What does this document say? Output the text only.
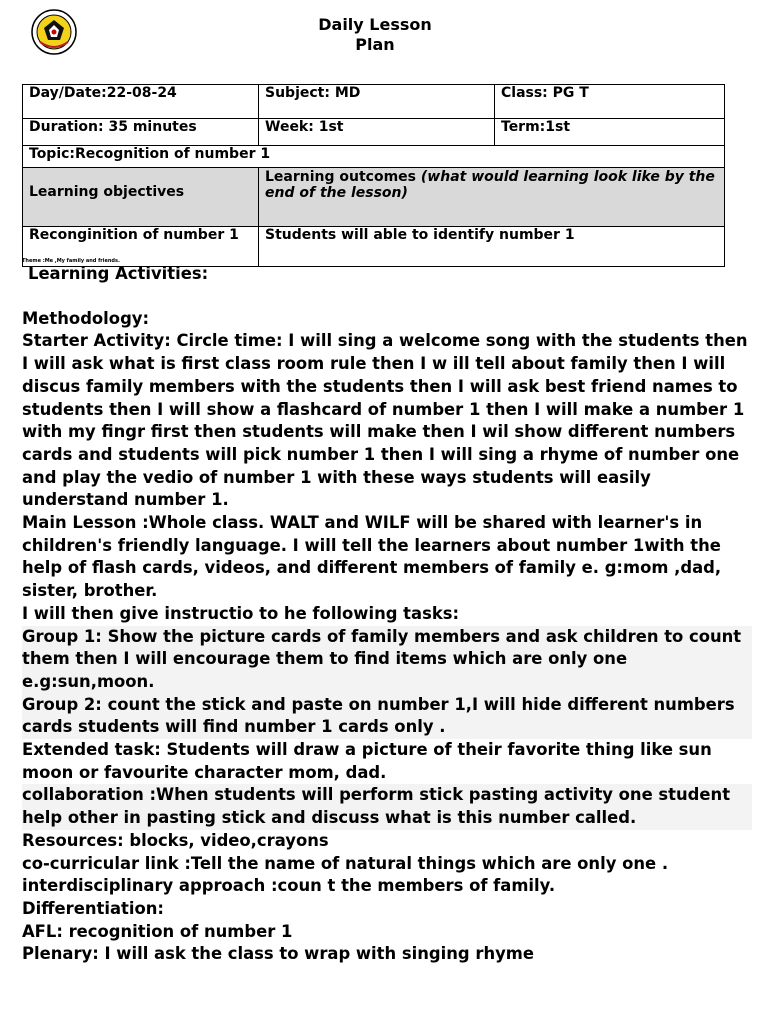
Daily Lesson
Plan
Day/Date:22-08-24	Subject: MD	Class: PG T
Duration: 35 minutes	Week: 1st	Term:1st
Topic:Recognition of number 1		
Learning objectives	Learning outcomes (what would learning look like by the end of the lesson)	
Reconginition of number 1	Students will able to identify number 1	
Theme :Me ,My family and friends.

Learning Activities:

Methodology:

Starter Activity: Circle time: I will sing a welcome song with the students then I will ask what is first class room rule then I w ill tell about family then I will discus family members with the students then I will ask best friend names to students then I will show a flashcard of number 1 then I will make a number 1 with my fingr first then students will make then I wil show different numbers cards and students will pick number 1 then I will sing a rhyme of number one and play the vedio of number 1 with these ways students will easily understand number 1.

Main Lesson :Whole class. WALT and WILF will be shared with learner's in children's friendly language. I will tell the learners about number 1with the help of flash cards, videos, and different members of family e. g:mom ,dad, sister, brother.

I will then give instructio to he following tasks:

Group 1: Show the picture cards of family members and ask children to count them then I will encourage them to find items which are only one e.g:sun,moon.

Group 2: count the stick and paste on number 1,I will hide different numbers cards students will find number 1 cards only .

Extended task: Students will draw a picture of their favorite thing like sun moon or favourite character mom, dad.

collaboration :When students will perform stick pasting activity one student help other in pasting stick and discuss what is this number called.

Resources: blocks, video,crayons

co-curricular link :Tell the name of natural things which are only one .

interdisciplinary approach :coun t the members of family.

Differentiation:

AFL: recognition of number 1

Plenary: I will ask the class to wrap with singing rhyme
